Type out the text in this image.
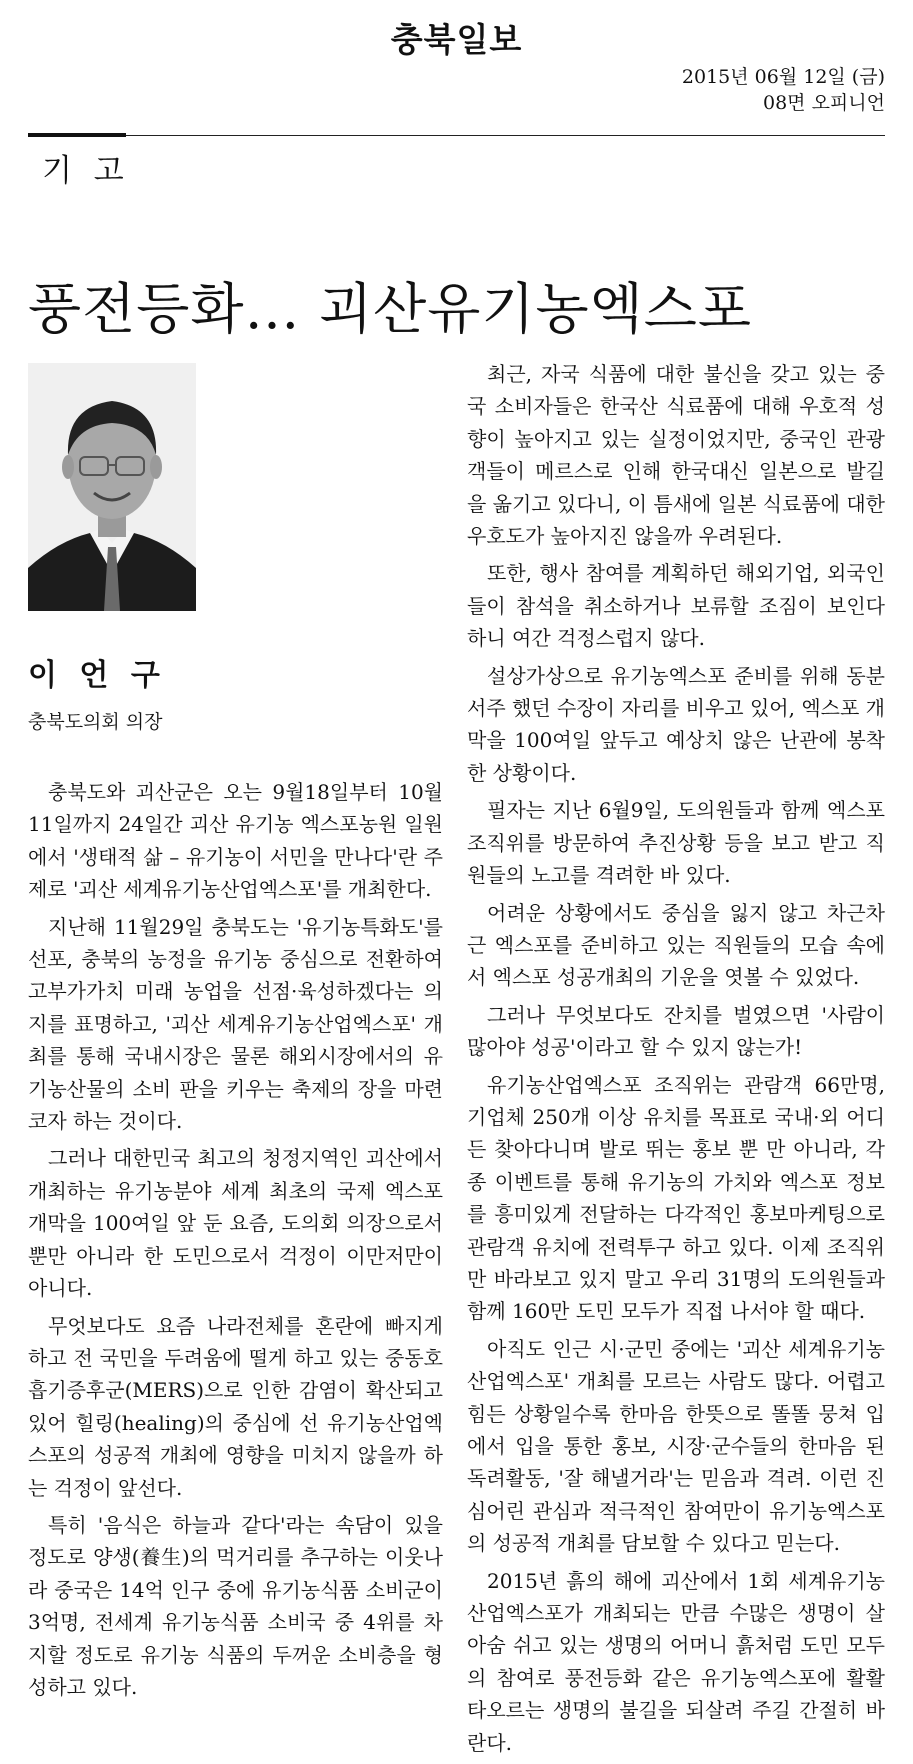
충북일보
2015년 06월 12일 (금)
08면 오피니언
기 고
풍전등화… 괴산유기농엑스포
이 언 구
충북도의회 의장

충북도와 괴산군은 오는 9월18일부터 10월11일까지 24일간 괴산 유기농 엑스포농원 일원에서 '생태적 삶 – 유기농이 서민을 만나다'란 주제로 '괴산 세계유기농산업엑스포'를 개최한다.

지난해 11월29일 충북도는 '유기농특화도'를 선포, 충북의 농정을 유기농 중심으로 전환하여 고부가가치 미래 농업을 선점·육성하겠다는 의지를 표명하고, '괴산 세계유기농산업엑스포' 개최를 통해 국내시장은 물론 해외시장에서의 유기농산물의 소비 판을 키우는 축제의 장을 마련코자 하는 것이다.

그러나 대한민국 최고의 청정지역인 괴산에서 개최하는 유기농분야 세계 최초의 국제 엑스포 개막을 100여일 앞 둔 요즘, 도의회 의장으로서 뿐만 아니라 한 도민으로서 걱정이 이만저만이 아니다.

무엇보다도 요즘 나라전체를 혼란에 빠지게 하고 전 국민을 두려움에 떨게 하고 있는 중동호흡기증후군(MERS)으로 인한 감염이 확산되고 있어 힐링(healing)의 중심에 선 유기농산업엑스포의 성공적 개최에 영향을 미치지 않을까 하는 걱정이 앞선다.

특히 '음식은 하늘과 같다'라는 속담이 있을 정도로 양생(養生)의 먹거리를 추구하는 이웃나라 중국은 14억 인구 중에 유기농식품 소비군이 3억명, 전세계 유기농식품 소비국 중 4위를 차지할 정도로 유기농 식품의 두꺼운 소비층을 형성하고 있다.

최근, 자국 식품에 대한 불신을 갖고 있는 중국 소비자들은 한국산 식료품에 대해 우호적 성향이 높아지고 있는 실정이었지만, 중국인 관광객들이 메르스로 인해 한국대신 일본으로 발길을 옮기고 있다니, 이 틈새에 일본 식료품에 대한 우호도가 높아지진 않을까 우려된다.

또한, 행사 참여를 계획하던 해외기업, 외국인들이 참석을 취소하거나 보류할 조짐이 보인다 하니 여간 걱정스럽지 않다.

설상가상으로 유기농엑스포 준비를 위해 동분서주 했던 수장이 자리를 비우고 있어, 엑스포 개막을 100여일 앞두고 예상치 않은 난관에 봉착한 상황이다.

필자는 지난 6월9일, 도의원들과 함께 엑스포 조직위를 방문하여 추진상황 등을 보고 받고 직원들의 노고를 격려한 바 있다.

어려운 상황에서도 중심을 잃지 않고 차근차근 엑스포를 준비하고 있는 직원들의 모습 속에서 엑스포 성공개최의 기운을 엿볼 수 있었다.

그러나 무엇보다도 잔치를 벌였으면 '사람이 많아야 성공'이라고 할 수 있지 않는가!

유기농산업엑스포 조직위는 관람객 66만명, 기업체 250개 이상 유치를 목표로 국내·외 어디든 찾아다니며 발로 뛰는 홍보 뿐 만 아니라, 각종 이벤트를 통해 유기농의 가치와 엑스포 정보를 흥미있게 전달하는 다각적인 홍보마케팅으로 관람객 유치에 전력투구 하고 있다. 이제 조직위만 바라보고 있지 말고 우리 31명의 도의원들과 함께 160만 도민 모두가 직접 나서야 할 때다.

아직도 인근 시·군민 중에는 '괴산 세계유기농산업엑스포' 개최를 모르는 사람도 많다. 어렵고 힘든 상황일수록 한마음 한뜻으로 똘똘 뭉쳐 입에서 입을 통한 홍보, 시장·군수들의 한마음 된 독려활동, '잘 해낼거라'는 믿음과 격려. 이런 진심어린 관심과 적극적인 참여만이 유기농엑스포의 성공적 개최를 담보할 수 있다고 믿는다.

2015년 흙의 해에 괴산에서 1회 세계유기농산업엑스포가 개최되는 만큼 수많은 생명이 살아숨 쉬고 있는 생명의 어머니 흙처럼 도민 모두의 참여로 풍전등화 같은 유기농엑스포에 활활 타오르는 생명의 불길을 되살려 주길 간절히 바란다.
